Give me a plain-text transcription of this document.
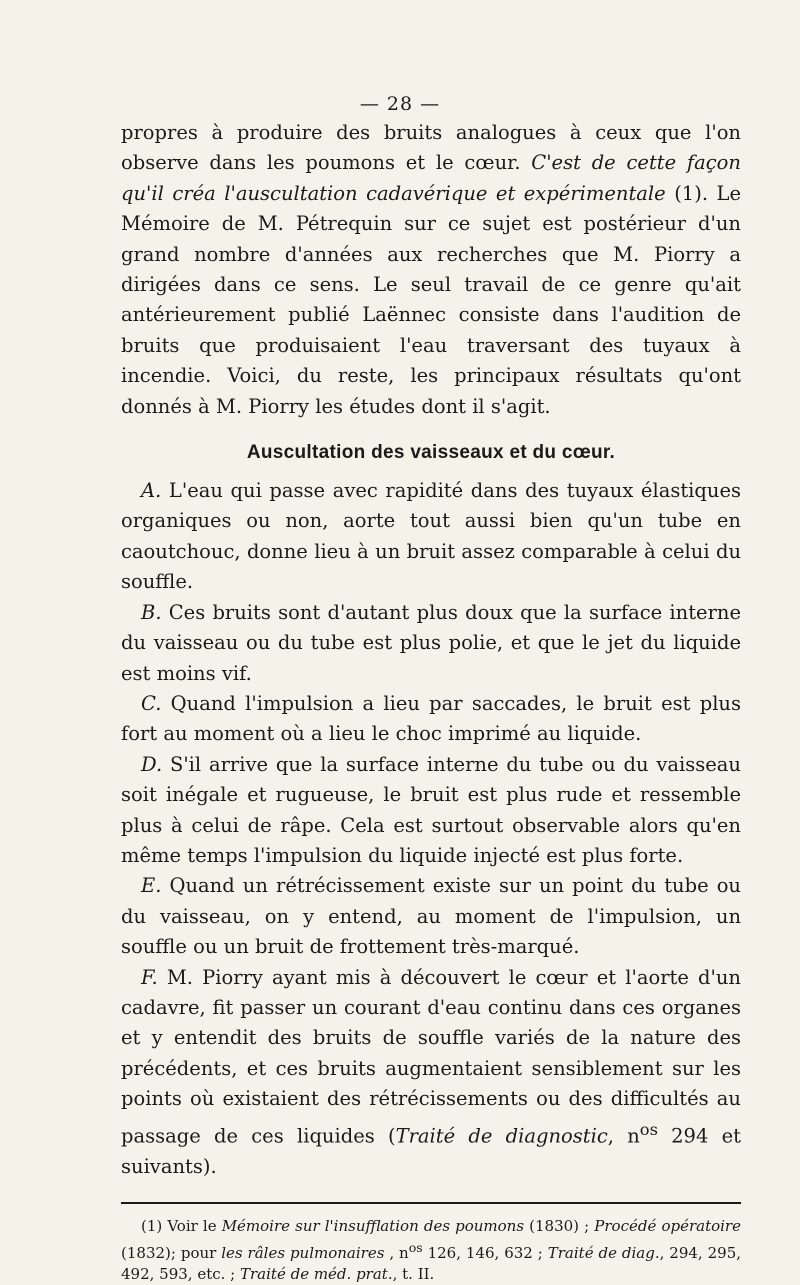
— 28 —

propres à produire des bruits analogues à ceux que l'on observe dans les poumons et le cœur. C'est de cette façon qu'il créa l'auscultation cadavérique et expérimentale (1). Le Mémoire de M. Pétrequin sur ce sujet est postérieur d'un grand nombre d'années aux recherches que M. Piorry a dirigées dans ce sens. Le seul travail de ce genre qu'ait antérieurement publié Laënnec consiste dans l'audition de bruits que produisaient l'eau traversant des tuyaux à incendie. Voici, du reste, les principaux résultats qu'ont donnés à M. Piorry les études dont il s'agit.

Auscultation des vaisseaux et du cœur.

A. L'eau qui passe avec rapidité dans des tuyaux élastiques organiques ou non, aorte tout aussi bien qu'un tube en caoutchouc, donne lieu à un bruit assez comparable à celui du souffle.

B. Ces bruits sont d'autant plus doux que la surface interne du vaisseau ou du tube est plus polie, et que le jet du liquide est moins vif.

C. Quand l'impulsion a lieu par saccades, le bruit est plus fort au moment où a lieu le choc imprimé au liquide.

D. S'il arrive que la surface interne du tube ou du vaisseau soit inégale et rugueuse, le bruit est plus rude et ressemble plus à celui de râpe. Cela est surtout observable alors qu'en même temps l'impulsion du liquide injecté est plus forte.

E. Quand un rétrécissement existe sur un point du tube ou du vaisseau, on y entend, au moment de l'impulsion, un souffle ou un bruit de frottement très-marqué.

F. M. Piorry ayant mis à découvert le cœur et l'aorte d'un cadavre, fit passer un courant d'eau continu dans ces organes et y entendit des bruits de souffle variés de la nature des précédents, et ces bruits augmentaient sensiblement sur les points où existaient des rétrécissements ou des difficultés au passage de ces liquides (Traité de diagnostic, $n^{os}$ 294 et suivants).

(1) Voir le Mémoire sur l'insufflation des poumons (1830) ; Procédé opératoire (1832); pour les râles pulmonaires , $n^{os}$ 126, 146, 632 ; Traité de diag., 294, 295, 492, 593, etc. ; Traité de méd. prat., t. II.
